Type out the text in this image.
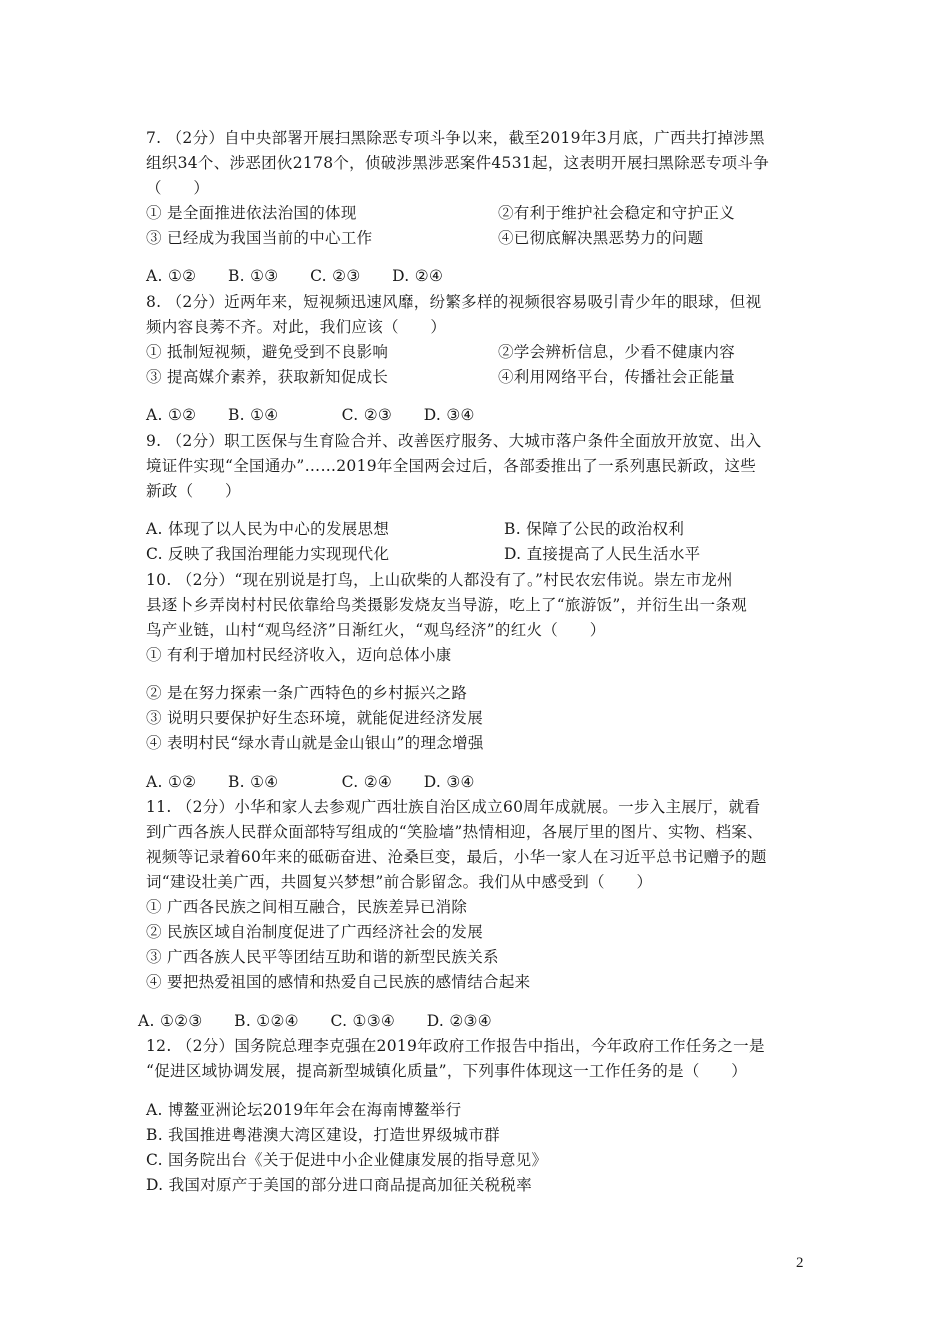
7. （2分）自中央部署开展扫黑除恶专项斗争以来，截至2019年3月底，广西共打掉涉黑
组织34个、涉恶团伙2178个，侦破涉黑涉恶案件4531起，这表明开展扫黑除恶专项斗争
（　　）
① 是全面推进依法治国的体现	②有利于维护社会稳定和守护正义
③ 已经成为我国当前的中心工作	④已彻底解决黑恶势力的问题
A. ①②　　B. ①③　　C. ②③　　D. ②④
8. （2分）近两年来，短视频迅速风靡，纷繁多样的视频很容易吸引青少年的眼球，但视
频内容良莠不齐。对此，我们应该（　　）
① 抵制短视频，避免受到不良影响	②学会辨析信息，少看不健康内容
③ 提高媒介素养，获取新知促成长	④利用网络平台，传播社会正能量
A. ①②　　B. ①④　　　　C. ②③　　D. ③④
9. （2分）职工医保与生育险合并、改善医疗服务、大城市落户条件全面放开放宽、出入
境证件实现“全国通办”……2019年全国两会过后，各部委推出了一系列惠民新政，这些
新政（　　）
A. 体现了以人民为中心的发展思想	B. 保障了公民的政治权利
C. 反映了我国治理能力实现现代化	D. 直接提高了人民生活水平
10. （2分）“现在别说是打鸟，上山砍柴的人都没有了。”村民农宏伟说。崇左市龙州
县逐卜乡弄岗村村民依靠给鸟类摄影发烧友当导游，吃上了“旅游饭”，并衍生出一条观
鸟产业链，山村“观鸟经济”日渐红火，“观鸟经济”的红火（　　）
① 有利于增加村民经济收入，迈向总体小康
② 是在努力探索一条广西特色的乡村振兴之路
③ 说明只要保护好生态环境，就能促进经济发展
④ 表明村民“绿水青山就是金山银山”的理念增强
A. ①②　　B. ①④　　　　C. ②④　　D. ③④
11. （2分）小华和家人去参观广西壮族自治区成立60周年成就展。一步入主展厅，就看
到广西各族人民群众面部特写组成的“笑脸墙”热情相迎，各展厅里的图片、实物、档案、
视频等记录着60年来的砥砺奋进、沧桑巨变，最后，小华一家人在习近平总书记赠予的题
词“建设壮美广西，共圆复兴梦想”前合影留念。我们从中感受到（　　）
① 广西各民族之间相互融合，民族差异已消除
② 民族区域自治制度促进了广西经济社会的发展
③ 广西各族人民平等团结互助和谐的新型民族关系
④ 要把热爱祖国的感情和热爱自己民族的感情结合起来
A. ①②③　　B. ①②④　　C. ①③④　　D. ②③④
12. （2分）国务院总理李克强在2019年政府工作报告中指出，今年政府工作任务之一是
“促进区域协调发展，提高新型城镇化质量”，下列事件体现这一工作任务的是（　　）
A. 博鳌亚洲论坛2019年年会在海南博鳌举行
B. 我国推进粤港澳大湾区建设，打造世界级城市群
C. 国务院出台《关于促进中小企业健康发展的指导意见》
D. 我国对原产于美国的部分进口商品提高加征关税税率
2
